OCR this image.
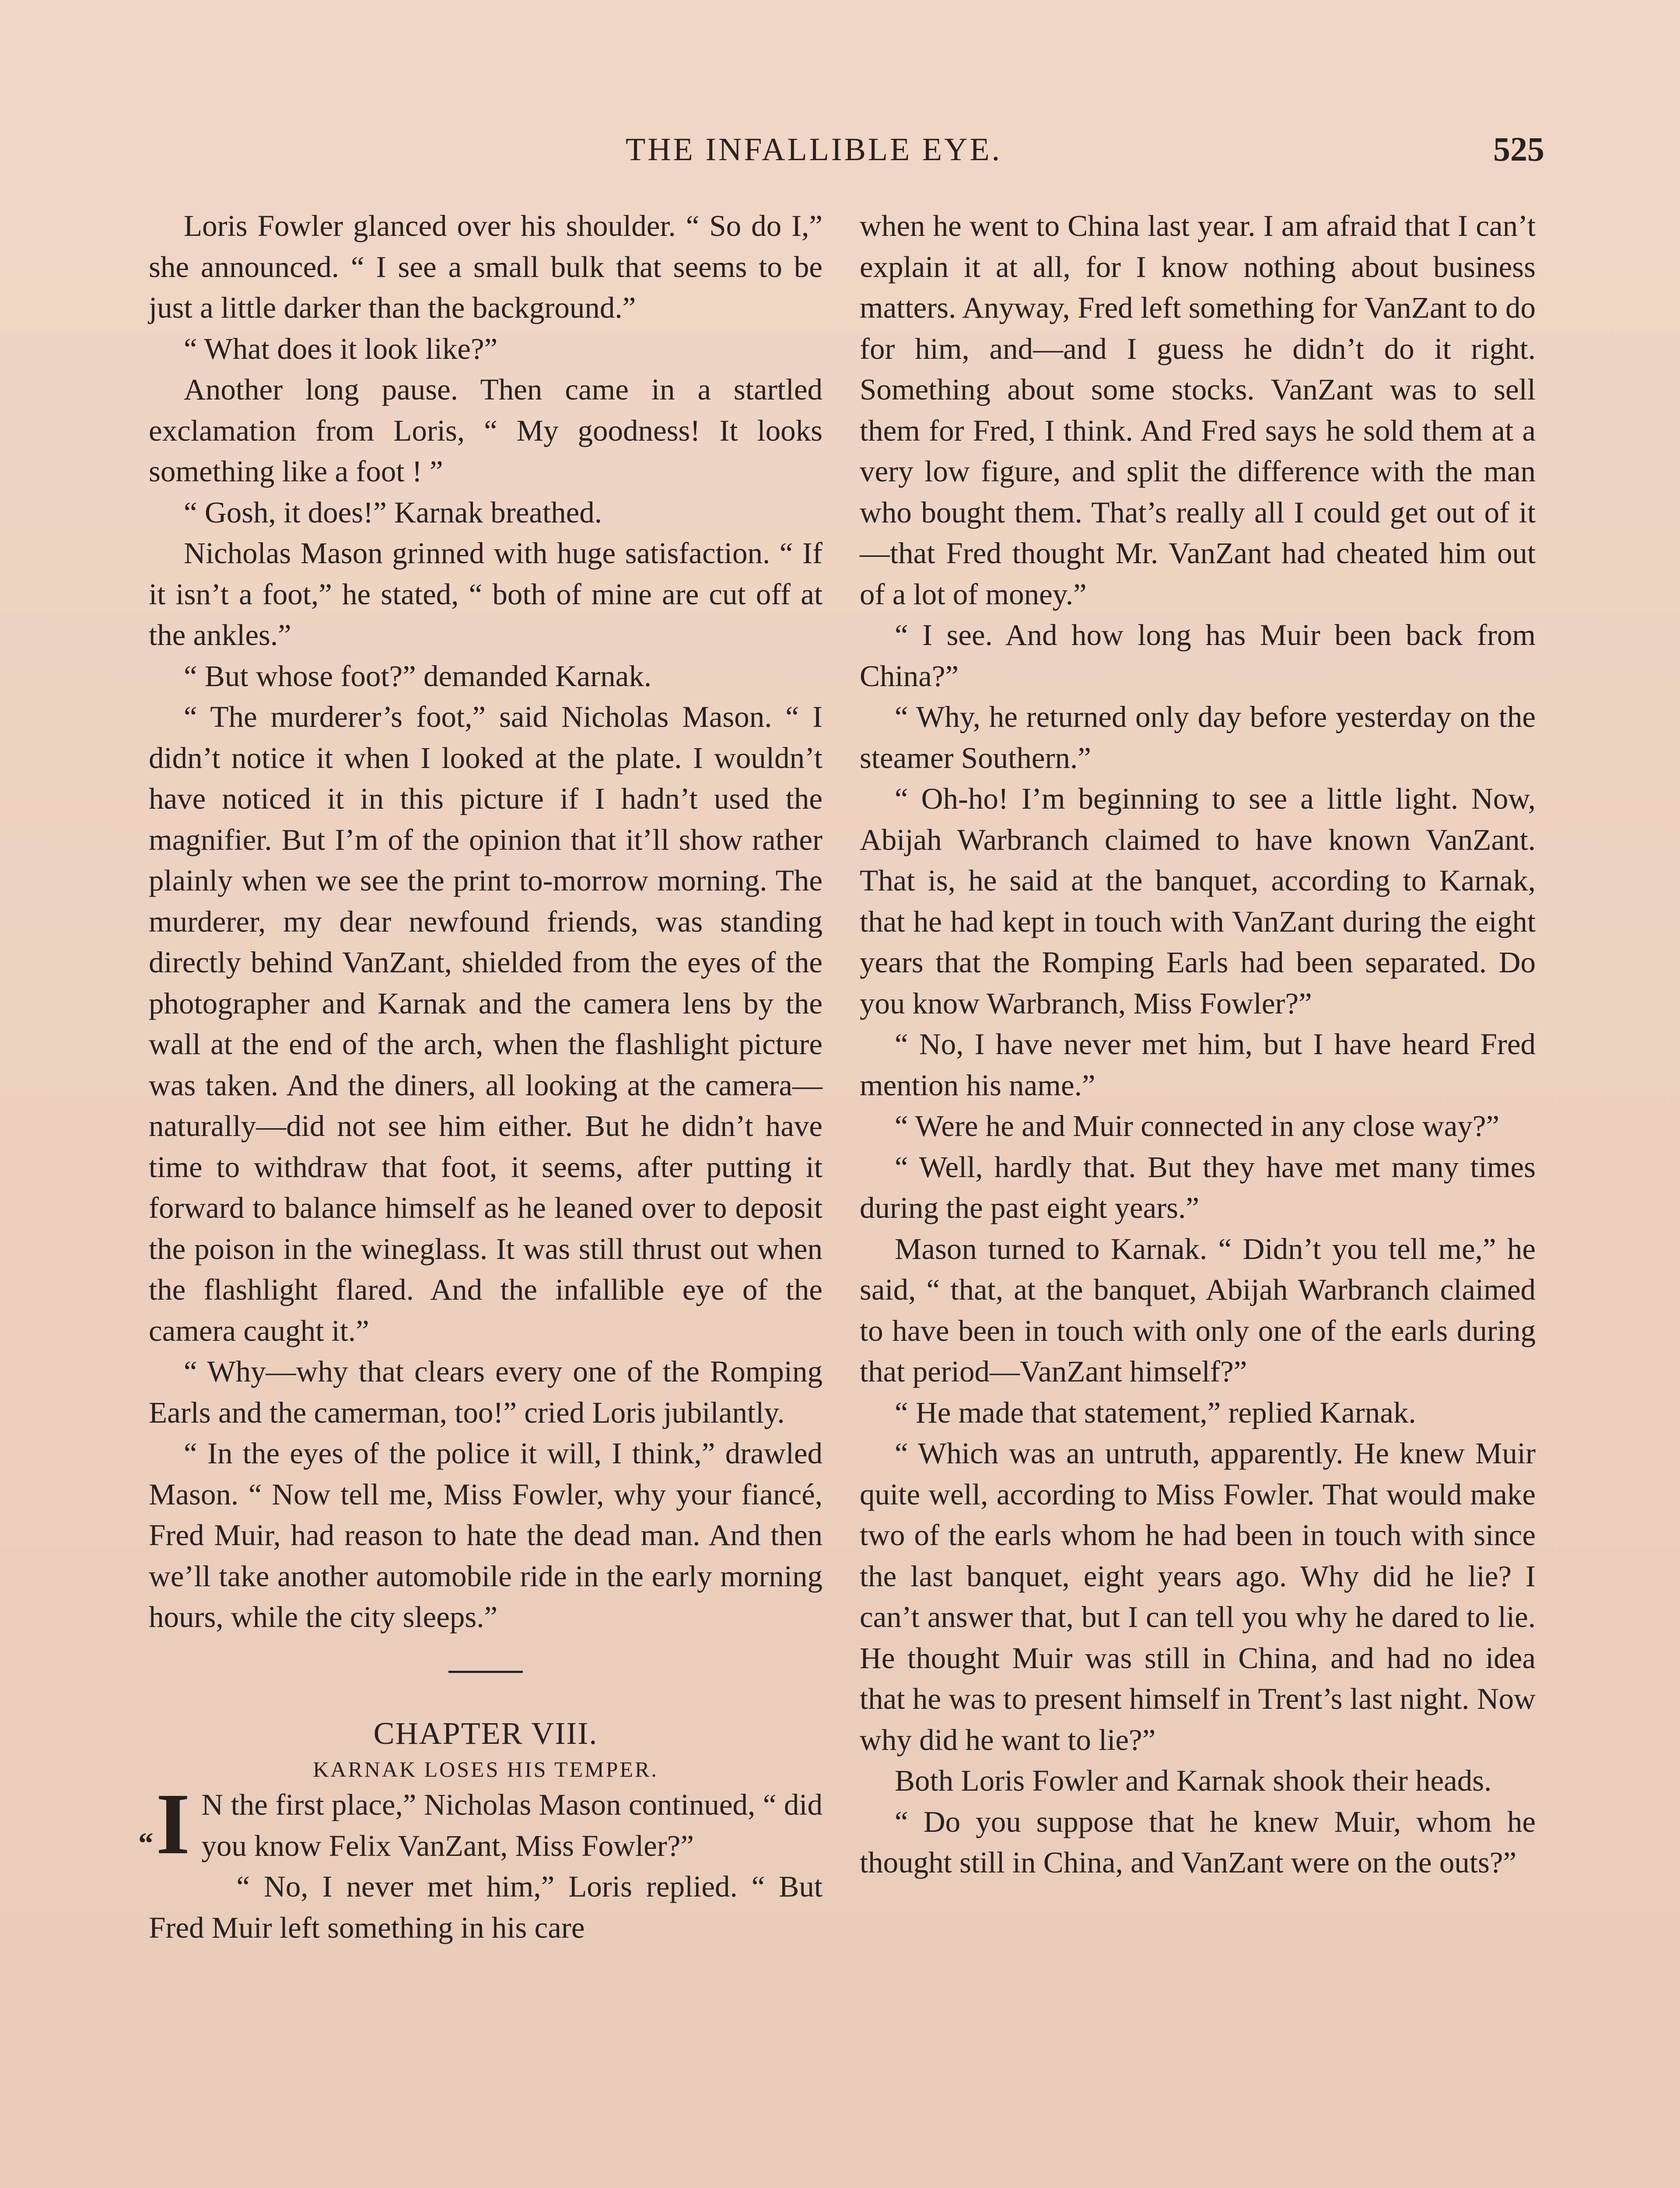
THE INFALLIBLE EYE.	525

Loris Fowler glanced over his shoulder. “ So do I,” she announced. “ I see a small bulk that seems to be just a little darker than the background.”

“ What does it look like?”

Another long pause. Then came in a startled exclamation from Loris, “ My goodness! It looks something like a foot ! ”

“ Gosh, it does!” Karnak breathed.

Nicholas Mason grinned with huge satisfaction. “ If it isn’t a foot,” he stated, “ both of mine are cut off at the ankles.”

“ But whose foot?” demanded Karnak.

“ The murderer’s foot,” said Nicholas Mason. “ I didn’t notice it when I looked at the plate. I wouldn’t have noticed it in this picture if I hadn’t used the magnifier. But I’m of the opinion that it’ll show rather plainly when we see the print to-morrow morning. The murderer, my dear newfound friends, was standing directly behind VanZant, shielded from the eyes of the photographer and Karnak and the camera lens by the wall at the end of the arch, when the flashlight picture was taken. And the diners, all looking at the camera—naturally—did not see him either. But he didn’t have time to withdraw that foot, it seems, after putting it forward to balance himself as he leaned over to deposit the poison in the wineglass. It was still thrust out when the flashlight flared. And the infallible eye of the camera caught it.”

“ Why—why that clears every one of the Romping Earls and the camerman, too!” cried Loris jubilantly.

“ In the eyes of the police it will, I think,” drawled Mason. “ Now tell me, Miss Fowler, why your fiancé, Fred Muir, had reason to hate the dead man. And then we’ll take another automobile ride in the early morning hours, while the city sleeps.”

CHAPTER VIII.

KARNAK LOSES HIS TEMPER.

“I N the first place,” Nicholas Mason continued, “ did you know Felix VanZant, Miss Fowler?”

“ No, I never met him,” Loris replied. “ But Fred Muir left something in his care

when he went to China last year. I am afraid that I can’t explain it at all, for I know nothing about business matters. Anyway, Fred left something for VanZant to do for him, and—and I guess he didn’t do it right. Something about some stocks. VanZant was to sell them for Fred, I think. And Fred says he sold them at a very low figure, and split the difference with the man who bought them. That’s really all I could get out of it—that Fred thought Mr. VanZant had cheated him out of a lot of money.”

“ I see. And how long has Muir been back from China?”

“ Why, he returned only day before yesterday on the steamer Southern.”

“ Oh-ho! I’m beginning to see a little light. Now, Abijah Warbranch claimed to have known VanZant. That is, he said at the banquet, according to Karnak, that he had kept in touch with VanZant during the eight years that the Romping Earls had been separated. Do you know Warbranch, Miss Fowler?”

“ No, I have never met him, but I have heard Fred mention his name.”

“ Were he and Muir connected in any close way?”

“ Well, hardly that. But they have met many times during the past eight years.”

Mason turned to Karnak. “ Didn’t you tell me,” he said, “ that, at the banquet, Abijah Warbranch claimed to have been in touch with only one of the earls during that period—VanZant himself?”

“ He made that statement,” replied Karnak.

“ Which was an untruth, apparently. He knew Muir quite well, according to Miss Fowler. That would make two of the earls whom he had been in touch with since the last banquet, eight years ago. Why did he lie? I can’t answer that, but I can tell you why he dared to lie. He thought Muir was still in China, and had no idea that he was to present himself in Trent’s last night. Now why did he want to lie?”

Both Loris Fowler and Karnak shook their heads.

“ Do you suppose that he knew Muir, whom he thought still in China, and VanZant were on the outs?”
